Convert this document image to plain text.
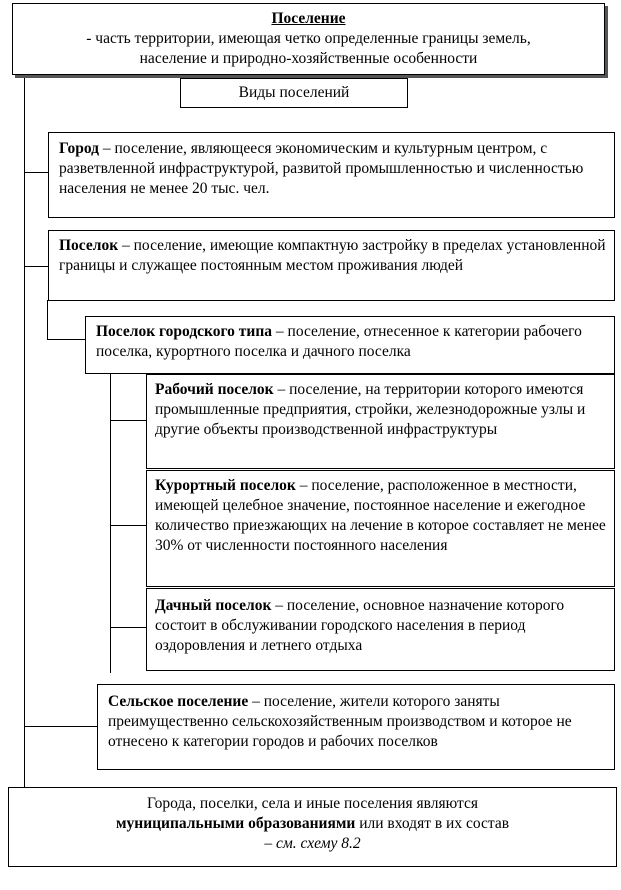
Поселение
- часть территории, имеющая четко определенные границы земель,
население и природно-хозяйственные особенности
Виды поселений
Город – поселение, являющееся экономическим и культурным центром, с разветвленной инфраструктурой, развитой промышленностью и численностью населения не менее 20 тыс. чел.
Поселок – поселение, имеющие компактную застройку в пределах установленной границы и служащее постоянным местом проживания людей
Поселок городского типа – поселение, отнесенное к категории рабочего поселка, курортного поселка и дачного поселка
Рабочий поселок – поселение, на территории которого имеются промышленные предприятия, стройки, железнодорожные узлы и другие объекты производственной инфраструктуры
Курортный поселок – поселение, расположенное в местности, имеющей целебное значение, постоянное население и ежегодное количество приезжающих на лечение в которое составляет не менее 30% от численности постоянного населения
Дачный поселок – поселение, основное назначение которого состоит в обслуживании городского населения в период оздоровления и летнего отдыха
Сельское поселение – поселение, жители которого заняты преимущественно сельскохозяйственным производством и которое не отнесено к категории городов и рабочих поселков
Города, поселки, села и иные поселения являются
муниципальными образованиями или входят в их состав
– см. схему 8.2
